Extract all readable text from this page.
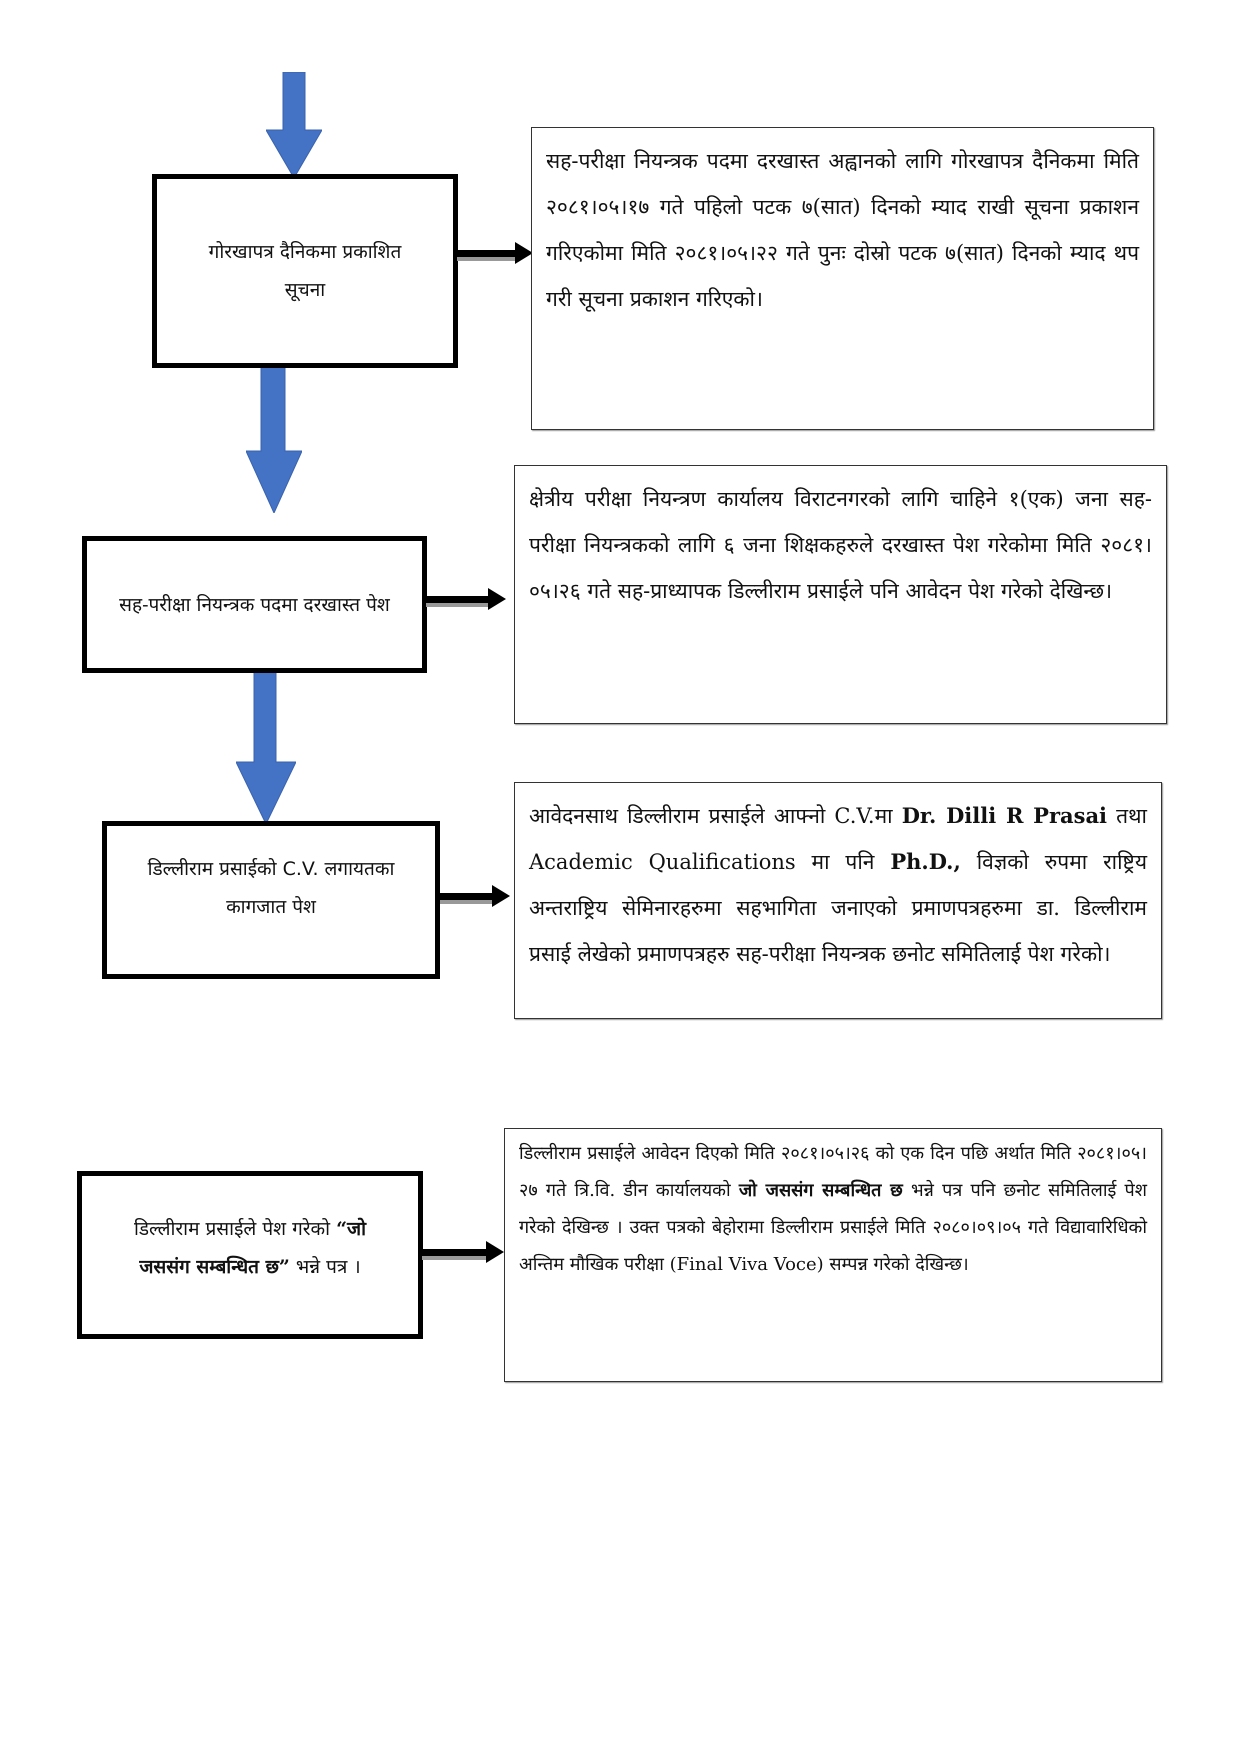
गोरखापत्र दैनिकमा प्रकाशित सूचना
सह-परीक्षा नियन्त्रक पदमा दरखास्त अह्वानको लागि गोरखापत्र दैनिकमा मिति २०८१।०५।१७ गते पहिलो पटक ७(सात) दिनको म्याद राखी सूचना प्रकाशन गरिएकोमा मिति २०८१।०५।२२ गते पुनः दोस्रो पटक ७(सात) दिनको म्याद थप गरी सूचना प्रकाशन गरिएको।
सह-परीक्षा नियन्त्रक पदमा दरखास्त पेश
क्षेत्रीय परीक्षा नियन्त्रण कार्यालय विराटनगरको लागि चाहिने १(एक) जना सह-परीक्षा नियन्त्रकको लागि ६ जना शिक्षकहरुले दरखास्त पेश गरेकोमा मिति २०८१।०५।२६ गते सह-प्राध्यापक डिल्लीराम प्रसाईले पनि आवेदन पेश गरेको देखिन्छ।
डिल्लीराम प्रसाईको C.V. लगायतका कागजात पेश
आवेदनसाथ डिल्लीराम प्रसाईले आफ्नो C.V.मा Dr. Dilli R Prasai तथा Academic Qualifications मा पनि Ph.D., विज्ञको रुपमा राष्ट्रिय अन्तराष्ट्रिय सेमिनारहरुमा सहभागिता जनाएको प्रमाणपत्रहरुमा डा. डिल्लीराम प्रसाई लेखेको प्रमाणपत्रहरु सह-परीक्षा नियन्त्रक छनोट समितिलाई पेश गरेको।
डिल्लीराम प्रसाईले पेश गरेको “जो जससंग सम्बन्धित छ” भन्ने पत्र ।
डिल्लीराम प्रसाईले आवेदन दिएको मिति २०८१।०५।२६ को एक दिन पछि अर्थात मिति २०८१।०५।२७ गते त्रि.वि. डीन कार्यालयको जो जससंग सम्बन्धित छ भन्ने पत्र पनि छनोट समितिलाई पेश गरेको देखिन्छ । उक्त पत्रको बेहोरामा डिल्लीराम प्रसाईले मिति २०८०।०९।०५ गते विद्यावारिधिको अन्तिम मौखिक परीक्षा (Final Viva Voce) सम्पन्न गरेको देखिन्छ।
